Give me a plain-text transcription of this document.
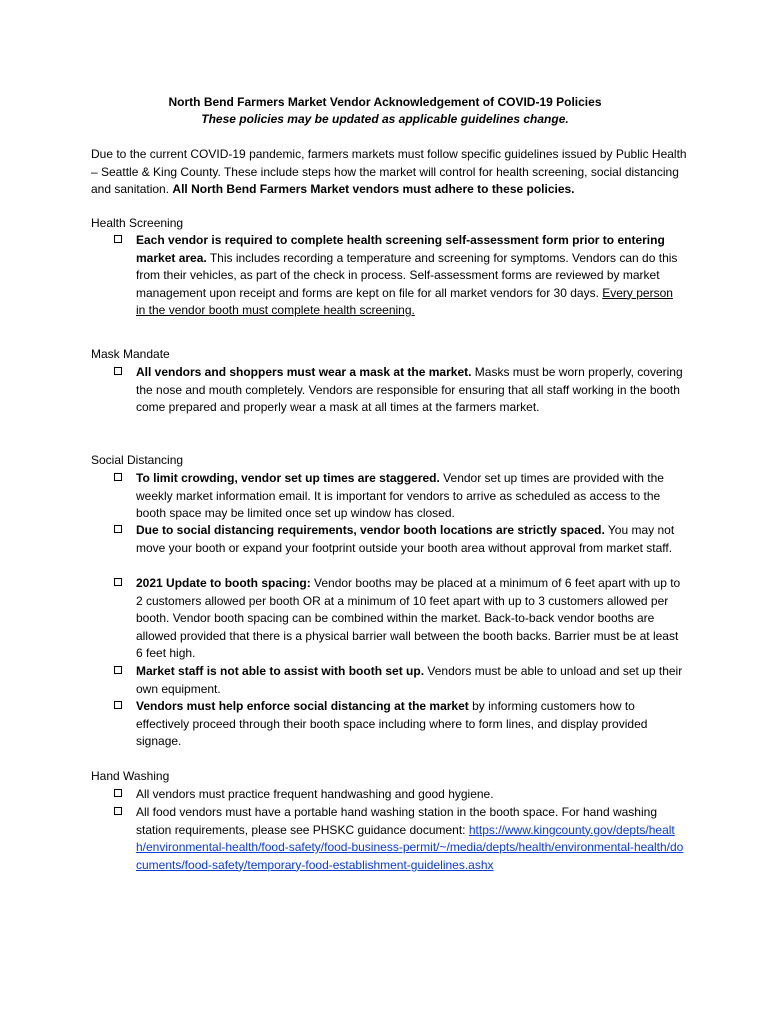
North Bend Farmers Market Vendor Acknowledgement of COVID-19 Policies
These policies may be updated as applicable guidelines change.
Due to the current COVID-19 pandemic, farmers markets must follow specific guidelines issued by Public Health – Seattle & King County. These include steps how the market will control for health screening, social distancing and sanitation. All North Bend Farmers Market vendors must adhere to these policies.
Health Screening
Each vendor is required to complete health screening self-assessment form prior to entering market area. This includes recording a temperature and screening for symptoms. Vendors can do this from their vehicles, as part of the check in process. Self-assessment forms are reviewed by market management upon receipt and forms are kept on file for all market vendors for 30 days. Every person in the vendor booth must complete health screening.
Mask Mandate
All vendors and shoppers must wear a mask at the market. Masks must be worn properly, covering the nose and mouth completely. Vendors are responsible for ensuring that all staff working in the booth come prepared and properly wear a mask at all times at the farmers market.
Social Distancing
To limit crowding, vendor set up times are staggered. Vendor set up times are provided with the weekly market information email. It is important for vendors to arrive as scheduled as access to the booth space may be limited once set up window has closed.
Due to social distancing requirements, vendor booth locations are strictly spaced. You may not move your booth or expand your footprint outside your booth area without approval from market staff.
2021 Update to booth spacing: Vendor booths may be placed at a minimum of 6 feet apart with up to 2 customers allowed per booth OR at a minimum of 10 feet apart with up to 3 customers allowed per booth. Vendor booth spacing can be combined within the market. Back-to-back vendor booths are allowed provided that there is a physical barrier wall between the booth backs. Barrier must be at least 6 feet high.
Market staff is not able to assist with booth set up. Vendors must be able to unload and set up their own equipment.
Vendors must help enforce social distancing at the market by informing customers how to effectively proceed through their booth space including where to form lines, and display provided signage.
Hand Washing
All vendors must practice frequent handwashing and good hygiene.
All food vendors must have a portable hand washing station in the booth space. For hand washing station requirements, please see PHSKC guidance document: https://www.kingcounty.gov/depts/health/environmental-health/food-safety/food-business-permit/~/media/depts/health/environmental-health/documents/food-safety/temporary-food-establishment-guidelines.ashx
